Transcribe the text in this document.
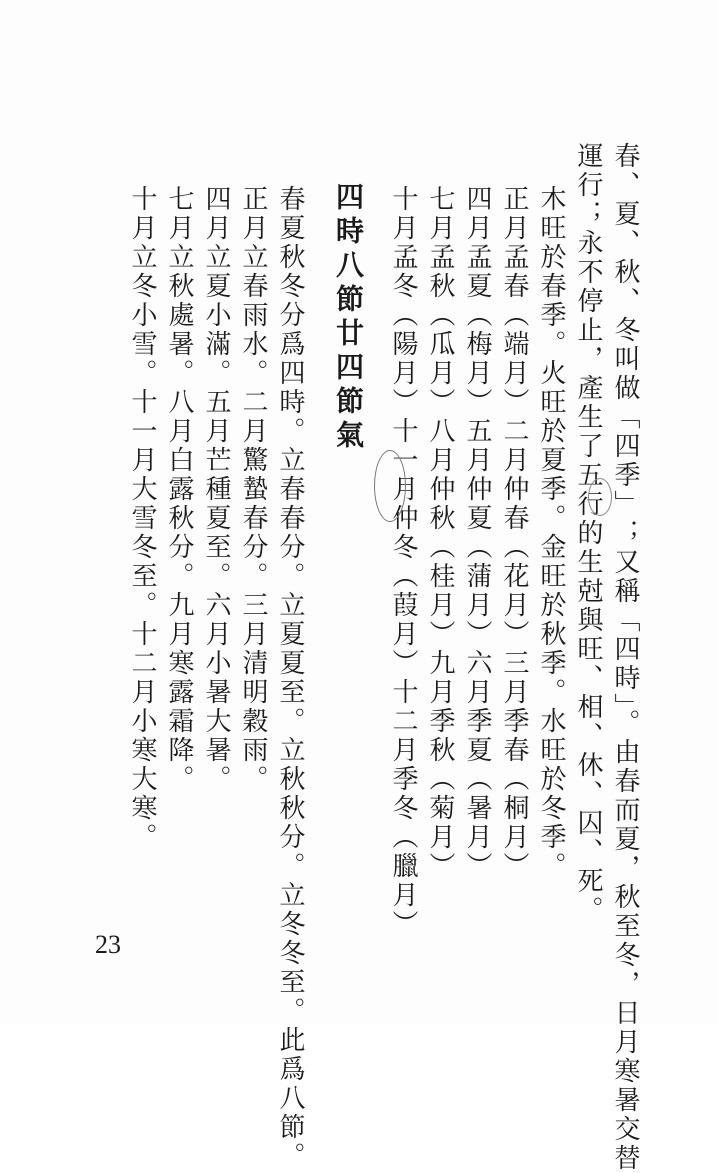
春、夏、秋、冬叫做「四季」；又稱「四時」。由春而夏，秋至冬，日月寒暑交替
運行；永不停止，產生了五行的生尅與旺、相、休、囚、死。
木旺於春季。火旺於夏季。金旺於秋季。水旺於冬季。
正月孟春（端月）二月仲春（花月）三月季春（桐月）
四月孟夏（梅月）五月仲夏（蒲月）六月季夏（暑月）
七月孟秋（瓜月）八月仲秋（桂月）九月季秋（菊月）
十月孟冬（陽月）十一月仲冬（葭月）十二月季冬（臘月）
四時八節廿四節氣
春夏秋冬分爲四時。立春春分。立夏夏至。立秋秋分。立冬冬至。此爲八節。
正月立春雨水。二月驚蟄春分。三月清明穀雨。
四月立夏小滿。五月芒種夏至。六月小暑大暑。
七月立秋處暑。八月白露秋分。九月寒露霜降。
十月立冬小雪。十一月大雪冬至。十二月小寒大寒。
23
